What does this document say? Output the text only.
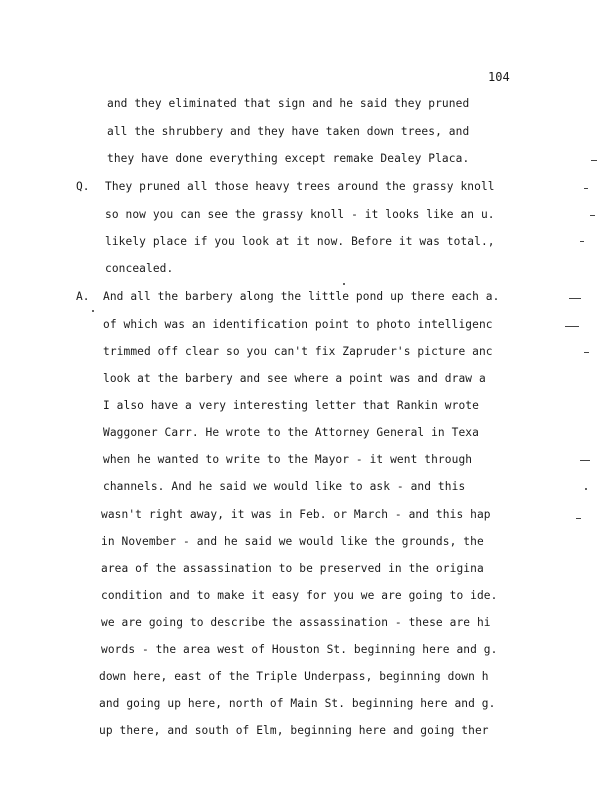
104
Q.
A.
and they eliminated that sign and he said they pruned
all the shrubbery and they have taken down trees, and
they have done everything except remake Dealey Placa.
They pruned all those heavy trees around the grassy knoll
so now you can see the grassy knoll - it looks like an u.
likely place if you look at it now. Before it was total.,
concealed.
And all the barbery along the little pond up there each a.
of which was an identification point to photo intelligenc
trimmed off clear so you can't fix Zapruder's picture anc
look at the barbery and see where a point was and draw a
I also have a very interesting letter that Rankin wrote
Waggoner Carr. He wrote to the Attorney General in Texa
when he wanted to write to the Mayor - it went through
channels. And he said we would like to ask - and this
wasn't right away, it was in Feb. or March - and this hap
in November - and he said we would like the grounds, the
area of the assassination to be preserved in the origina
condition and to make it easy for you we are going to ide.
we are going to describe the assassination - these are hi
words - the area west of Houston St. beginning here and g.
down here, east of the Triple Underpass, beginning down h
and going up here, north of Main St. beginning here and g.
up there, and south of Elm, beginning here and going ther
